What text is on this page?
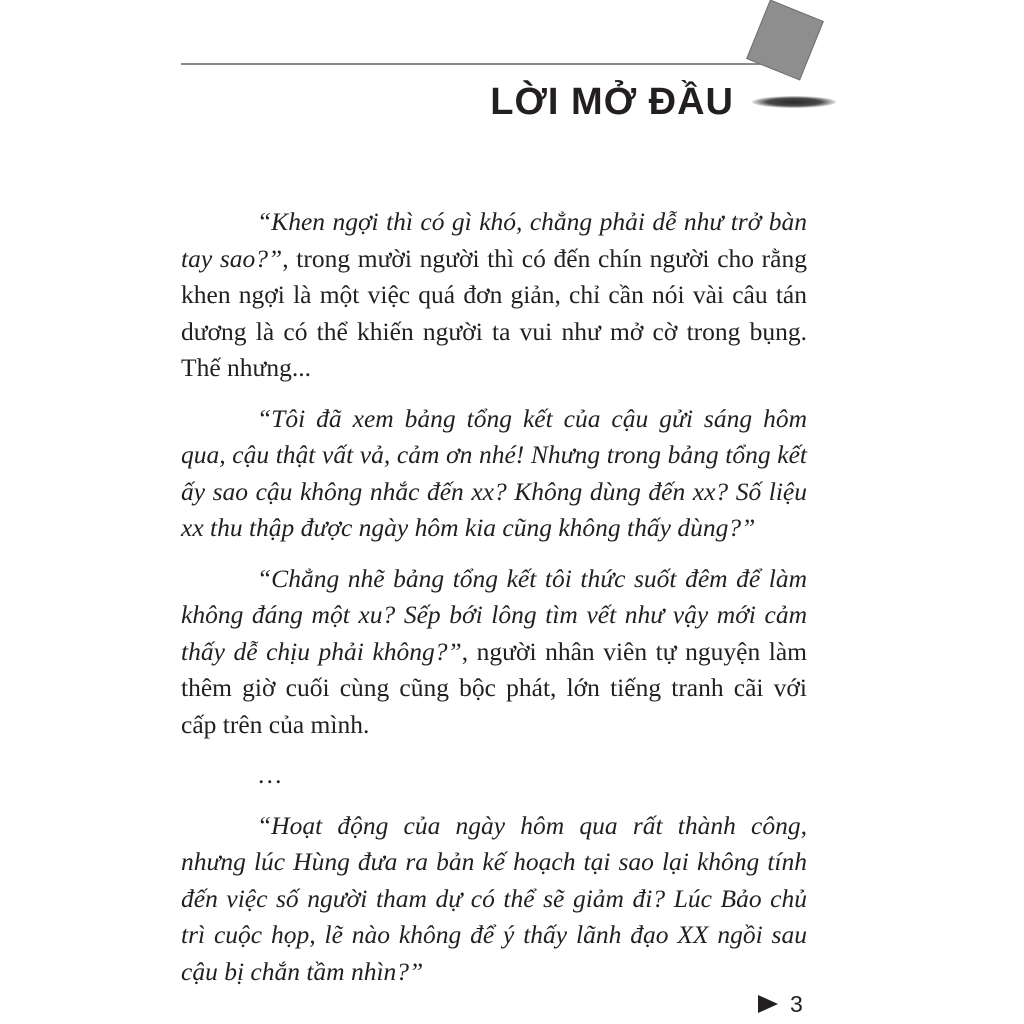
LỜI MỞ ĐẦU

“Khen ngợi thì có gì khó, chẳng phải dễ như trở bàn tay sao?”, trong mười người thì có đến chín người cho rằng khen ngợi là một việc quá đơn giản, chỉ cần nói vài câu tán dương là có thể khiến người ta vui như mở cờ trong bụng. Thế nhưng...

“Tôi đã xem bảng tổng kết của cậu gửi sáng hôm qua, cậu thật vất vả, cảm ơn nhé! Nhưng trong bảng tổng kết ấy sao cậu không nhắc đến xx? Không dùng đến xx? Số liệu xx thu thập được ngày hôm kia cũng không thấy dùng?”

“Chẳng nhẽ bảng tổng kết tôi thức suốt đêm để làm không đáng một xu? Sếp bới lông tìm vết như vậy mới cảm thấy dễ chịu phải không?”, người nhân viên tự nguyện làm thêm giờ cuối cùng cũng bộc phát, lớn tiếng tranh cãi với cấp trên của mình.

…

“Hoạt động của ngày hôm qua rất thành công, nhưng lúc Hùng đưa ra bản kế hoạch tại sao lại không tính đến việc số người tham dự có thể sẽ giảm đi? Lúc Bảo chủ trì cuộc họp, lẽ nào không để ý thấy lãnh đạo XX ngồi sau cậu bị chắn tầm nhìn?”

3
